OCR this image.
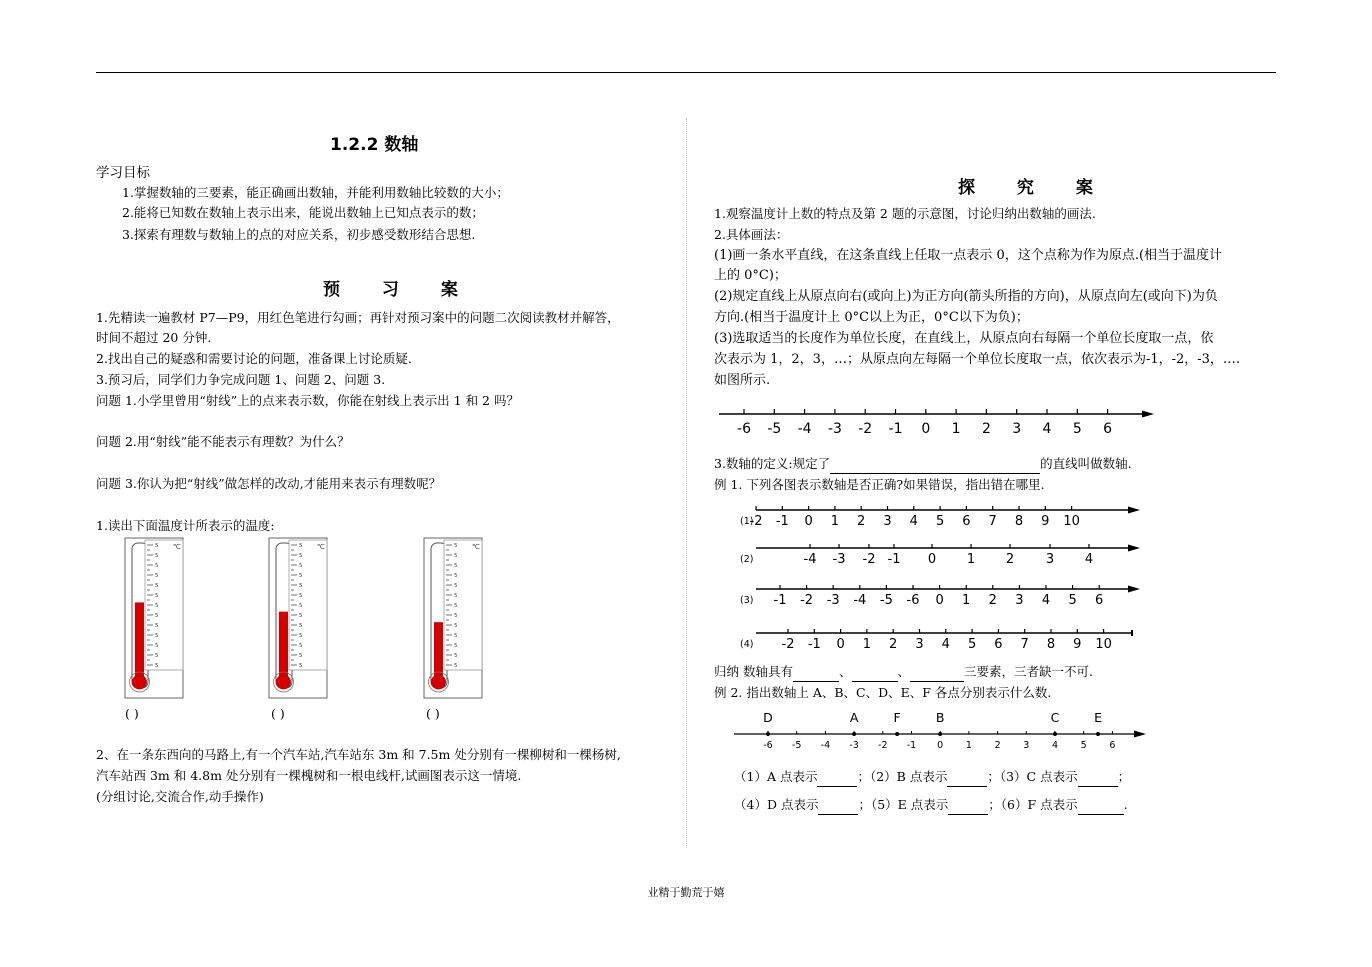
1.2.2 数轴
学习目标
1.掌握数轴的三要素，能正确画出数轴，并能利用数轴比较数的大小；
2.能将已知数在数轴上表示出来，能说出数轴上已知点表示的数；
3.探索有理数与数轴上的点的对应关系，初步感受数形结合思想.
预 习 案
1.先精读一遍教材 P7—P9，用红色笔进行勾画；再针对预习案中的问题二次阅读教材并解答，
时间不超过 20 分钟.
2.找出自己的疑惑和需要讨论的问题，准备课上讨论质疑.
3.预习后，同学们力争完成问题 1、问题 2、问题 3.
问题 1.小学里曾用“射线”上的点来表示数，你能在射线上表示出 1 和 2 吗？
问题 2.用“射线”能不能表示有理数？为什么？
问题 3.你认为把“射线”做怎样的改动,才能用来表示有理数呢？
1.读出下面温度计所表示的温度:
5
5
5
5
5
5
5
5
5
5
5
5
5
℃	5
5
5
5
5
5
5
5
5
5
5
5
5
℃	5
5
5
5
5
5
5
5
5
5
5
5
5
℃
( )	( )	( )
2、在一条东西向的马路上,有一个汽车站,汽车站东 3m 和 7.5m 处分别有一棵柳树和一棵杨树,
汽车站西 3m 和 4.8m 处分别有一棵槐树和一根电线杆,试画图表示这一情境.
(分组讨论,交流合作,动手操作)
探 究 案
1.观察温度计上数的特点及第 2 题的示意图，讨论归纳出数轴的画法.
2.具体画法：
(1)画一条水平直线，在这条直线上任取一点表示 0，这个点称为作为原点.(相当于温度计
上的 0°C)；
(2)规定直线上从原点向右(或向上)为正方向(箭头所指的方向)，从原点向左(或向下)为负
方向.(相当于温度计上 0°C以上为正，0°C以下为负)；
(3)选取适当的长度作为单位长度，在直线上，从原点向右每隔一个单位长度取一点，依
次表示为 1，2，3，…；从原点向左每隔一个单位长度取一点，依次表示为-1，-2，-3，….
如图所示.
-6 -5 -4 -3 -2 -1 0 1 2 3 4 5 6
3.数轴的定义:规定了	的直线叫做数轴.
例 1. 下列各图表示数轴是否正确?如果错误，指出错在哪里.
(1)
-2 -1 0 1 2 3 4 5 6 7 8 9 10
(2)	-4 -3 -2 -1 0 1 2 3 4
(3) -1 -2 -3 -4 -5 -6 0 1 2 3 4 5 6
(4) -2 -1 0 1 2 3 4 5 6 7 8 9 10
归纳 数轴具有	、	、	三要素，三者缺一不可.
例 2. 指出数轴上 A、B、C、D、E、F 各点分别表示什么数.
-6 -5 -4 -3 -2 -1 0 1 2 3 4 5 6
D	A	F	B	C	E
（1）A 点表示	；（2）B 点表示	；（3）C 点表示	；
（4）D 点表示	；（5）E 点表示	；（6）F 点表示	.
业精于勤荒于嬉
